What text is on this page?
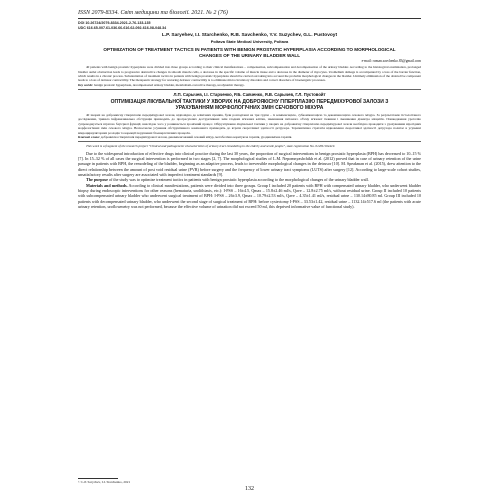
ISSN 2079-8334. Світ медицини та біології. 2021. № 2 (76)
DOI 10.26724/2079-8334-2021-2-76-133-135
UDC 616.65-007.61-036.66-616.62-092-616-08-048.34
L.P. Saryehev, I.I. Starchenko, R.B. Savchenko, Y.V. Suzychev, G.L. Pustovoyt
Poltava State Medical University, Poltava
OPTIMIZATION OF TREATMENT TACTICS IN PATIENTS WITH BENIGN PROSTATIC HYPERPLASIA ACCORDING TO MORPHOLOGICAL CHANGES OF THE URINARY BLADDER WALL
e-mail: roman.savchenko.83@gmail.com

40 patients with benign prostatic hyperplasia were divided into three groups according to their clinical manifestations – compensation, subcompensation and decompensation of the urinary bladder. According to the histological examination, prolonged bladder outlet obstruction leads to progressive destructive changes in smooth muscle cells, a decrease in the specific volume of muscle tissue and a decrease in the diameter of myocytes. Urothelium damage is accompanied by a loss of the barrier function, which results in a chronic process. Substantiation of treatment tactics in patients with benign prostatic hyperplasia should be carried out taking into account the probable morphological changes in the bladder. Untimely elimination of the obstructive component leads to a loss of detrusor contractility. The therapeutic strategy for restoring detrusor contractility is to eliminate microcirculatory disorders and correct disorders of bioenergetic processes.

Key words: benign prostatic hyperplasia, decompensated urinary bladder, metabolism-corrective therapy, urodynamic therapy.

Л.П. Сарычев, І.І. Старченко, Р.Б. Савченко, Я.В. Сарычев, Г.Л. Пустовойт
ОПТИМІЗАЦІЯ ЛІКУВАЛЬНОЇ ТАКТИКИ У ХВОРИХ НА ДОБРОЯКІСНУ ГІПЕРПЛАЗІЮ ПЕРЕДМІХУРОВОЇ ЗАЛОЗИ З УРАХУВАННЯМ МОРФОЛОГІЧНИХ ЗМІН СЕЧОВОГО МІХУРА

40 хворих на доброякісну гіперплазію передміхурової залози, відповідно до клінічних проявів, були розподілені на три групи – із компенсацією, субкомпенсацією та декомпенсацією сечового міхура. За результатами гістологічного дослідження, тривала інфравезикальна обструкція призводить до прогресуючих деструктивних змін гладких м'язових клітин, зменшення питомого об'єму м'язової тканини і зменшення діаметра міоцитів. Пошкодження уротелію супроводжується втратою бар'єрної функції, внаслідок чого у розвивається хронічний процес. Обґрунтування лікувальної тактики у хворих на доброякісну гіперплазію передміхурової залози необхідно проводити з урахуванням вірогідних морфологічних змін сечового міхура. Несвоєчасне усунення обструктивного компонента призводить до втрати скоротливої здатності детрузора. Терапевтична стратегія відновлення скоротливої здатності детрузора полягає в усуненні мікроциркуляторних розладів та корекції порушених біоенергетичних процесів.

Ключові слова: доброякісна гіперплазія передміхурової залози, декомпенсований сечовий міхур, метаболічна коригуюча терапія, уродинамічна терапія.

This work is a fragment of the research project "Clinical and pathogenetic characteristics of urinary tract remodeling in the elderly and senile people", state registration No. 0120U104419.

Due to the widespread introduction of effective drugs into clinical practice during the last 30 years, the proportion of surgical interventions in benign prostatic hyperplasia (BPH) has decreased to 10–15 % [7]. In 15–32 % of all cases the surgical intervention is performed in two stages [2, 7]. The morphological studies of L.M. Nepomnyashchikh et al. (2012) proved that in case of urinary retention of the urine passage in patients with BPH, the remodeling of the bladder, beginning as an adaptive process, leads to irreversible morphological changes in the detrusor [10]. M. Speakman et al. (2015), drew attention to the direct relationship between the amount of post void residual urine (PVR) before surgery and the frequency of lower urinary tract symptoms (LUTS) after surgery [12]. According to large-scale cohort studies, unsatisfactory results after surgery are associated with imperfect treatment standards [9].

The purpose of the study was to optimize treatment tactics in patients with benign prostatic hyperplasia according to the morphological changes of the urinary bladder wall.

Materials and methods. According to clinical manifestations, patients were divided into three groups. Group I included 20 patients with BPH with compensated urinary bladder, who underwent bladder biopsy during endoscopic interventions for other reasons (hematuria, urolithiasis, etc.): I-PSS – 16±4.5, Qmax – 15.8±2.46 ml/s, Qave – 12.8±2.75 ml/s, without residual urine. Group II included 10 patients with subcompensated urinary bladder who underwent surgical treatment of BPH: I-PSS – 26±3.9, Qmax – 10.79±2.53 ml/s, Qave – 4.35±1.41 ml/s, residual urine – 130.14±80.85 ml. Group III included 10 patients with decompensated urinary bladder, who underwent the second stage of surgical treatment of BPH: before cystectomy I-PSS – 33.53±1.42, residual urine – 1132.14±517.6 ml (the patients with acute urinary retention, uroflowmetry was not performed, because the effective volume of urination did not exceed 50 ml, this deprived informative value of functional study).

© L.P. Sarychev, I.I. Starchenko, 2021
132
